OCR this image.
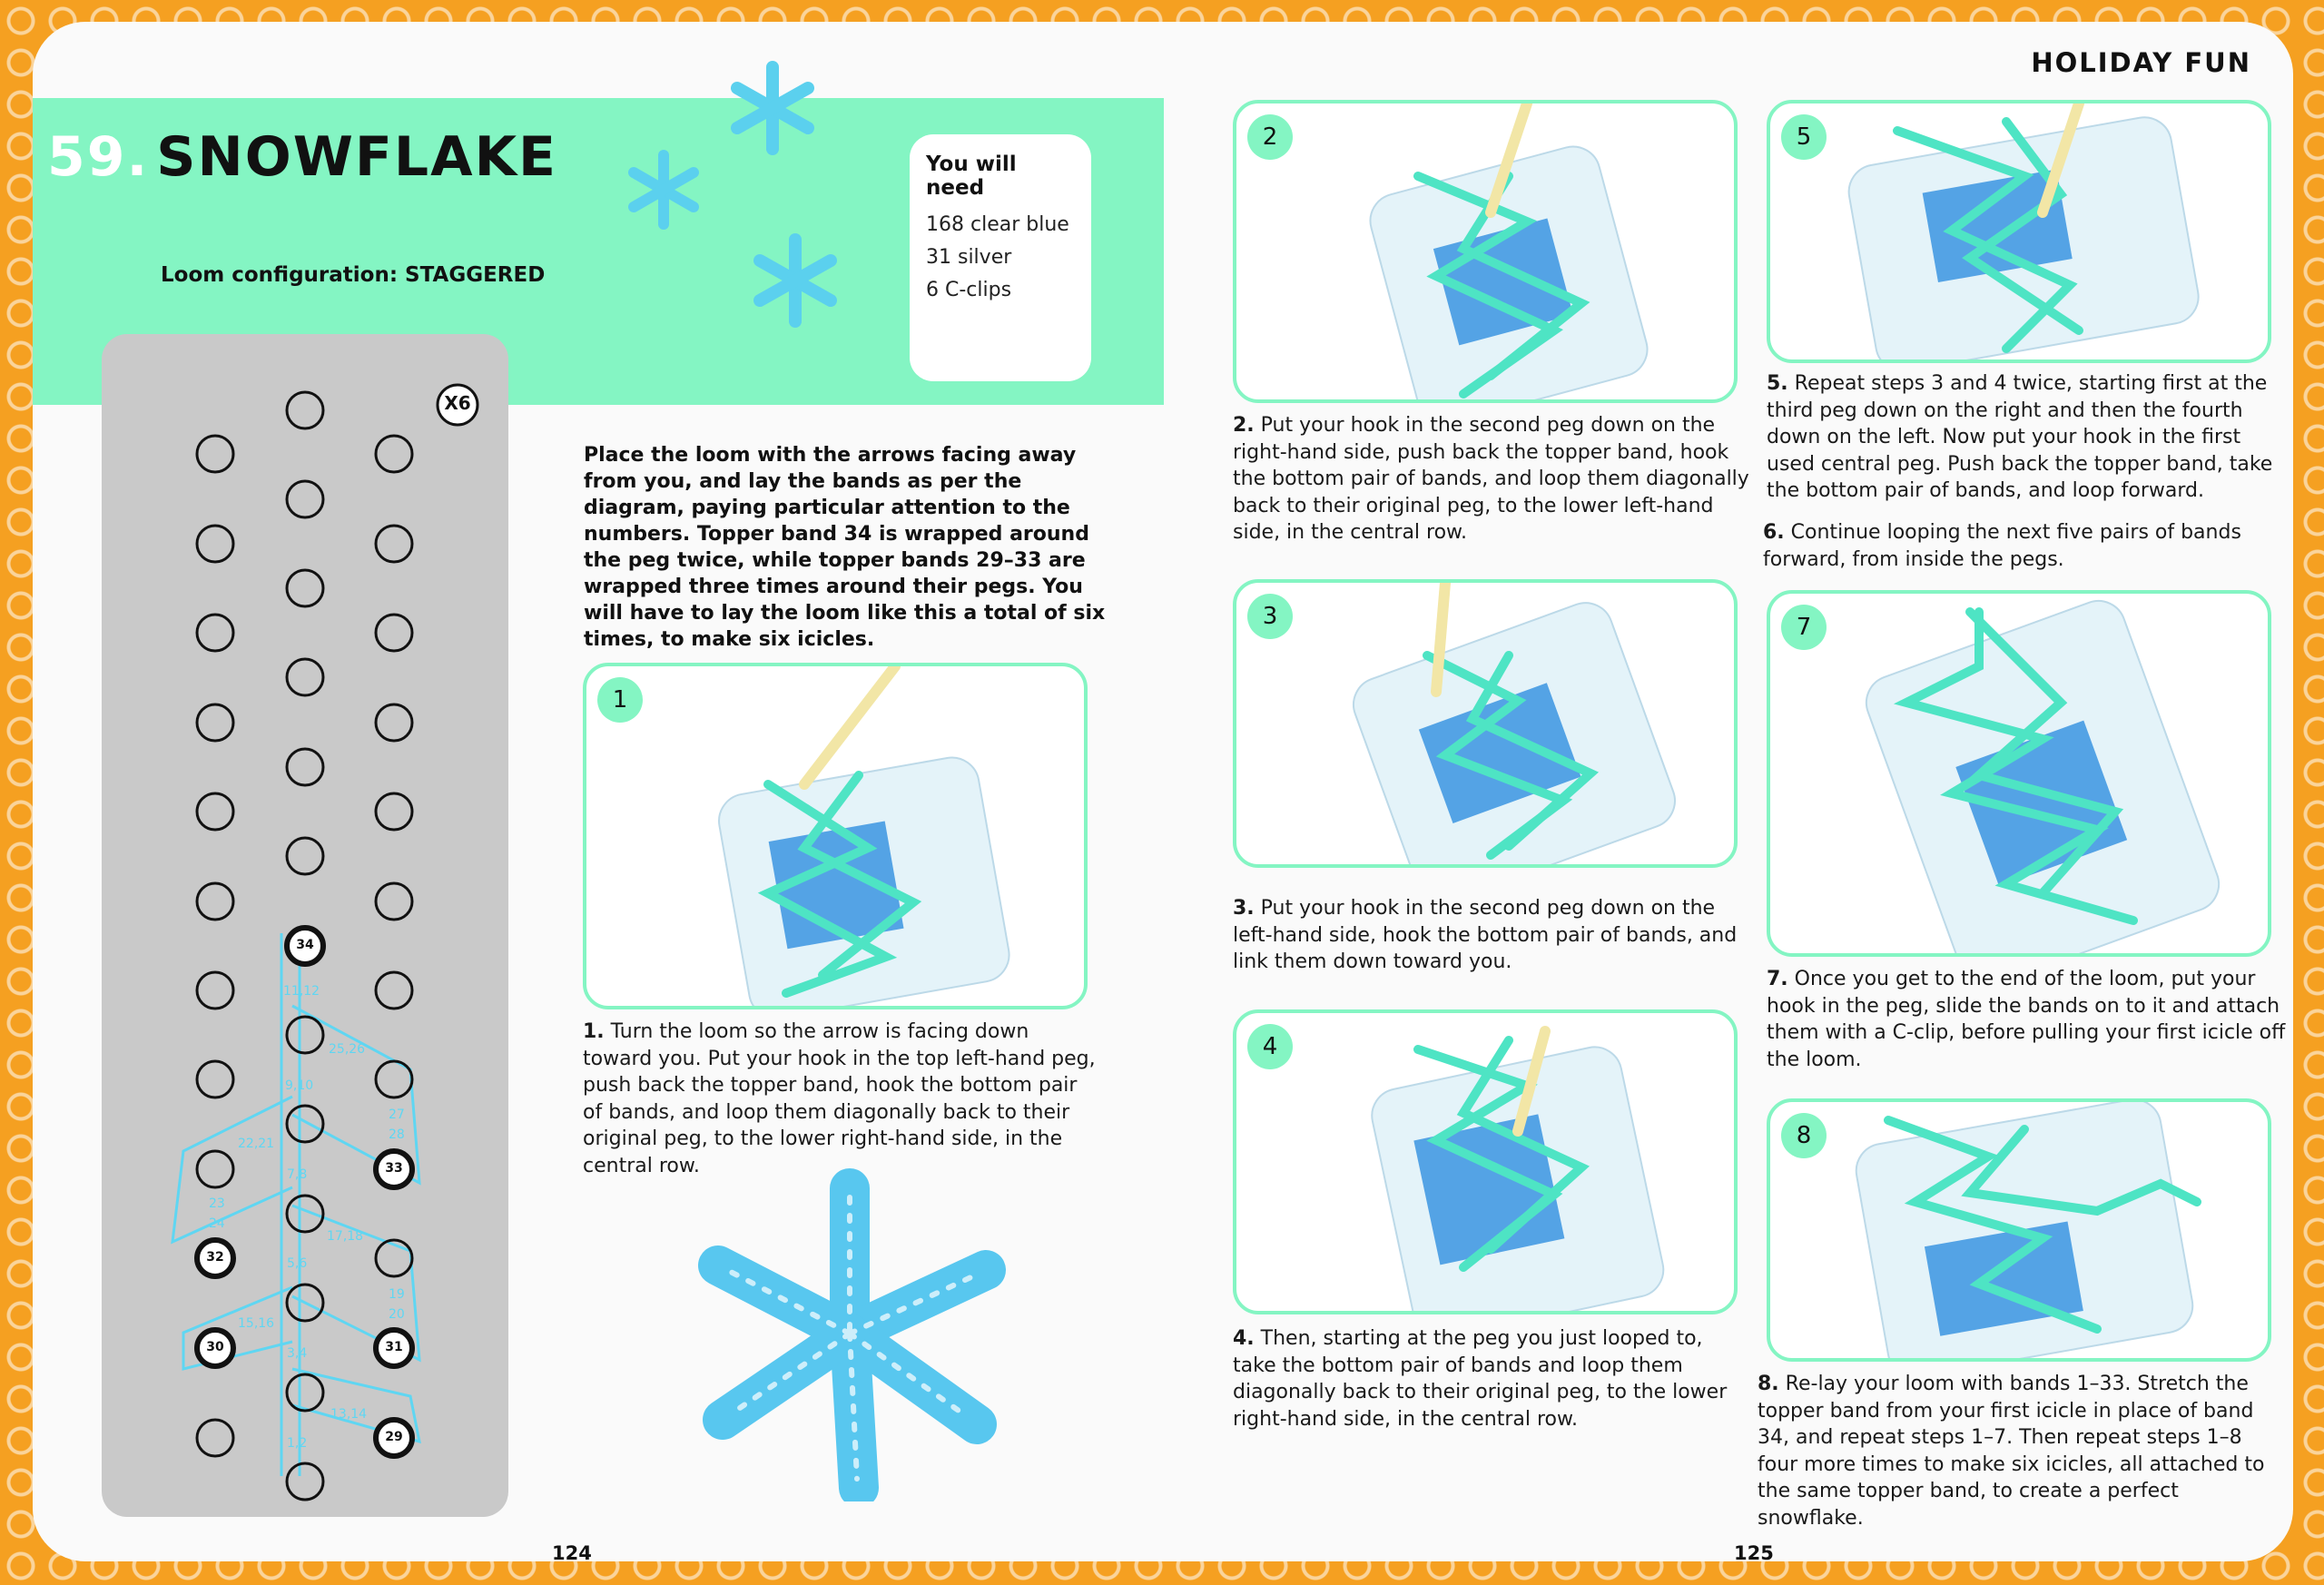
HOLIDAY FUN
59. SNOWFLAKE
Loom configuration: STAGGERED
You will need
168 clear blue
31 silver
6 C-clips
X6
34
33
32
31
30
29
11,12
25,26
9,10
27
28
22,21
7,8
23
24
17,18
5,6
19
20
15,16
3,4
13,14
1,2
Place the loom with the arrows facing away from you, and lay the bands as per the diagram, paying particular attention to the numbers. Topper band 34 is wrapped around the peg twice, while topper bands 29–33 are wrapped three times around their pegs. You will have to lay the loom like this a total of six times, to make six icicles.
1
1. Turn the loom so the arrow is facing down toward you. Put your hook in the top left-hand peg, push back the topper band, hook the bottom pair of bands, and loop them diagonally back to their original peg, to the lower right-hand side, in the central row.
124	125
2
2. Put your hook in the second peg down on the right-hand side, push back the topper band, hook the bottom pair of bands, and loop them diagonally back to their original peg, to the lower left-hand side, in the central row.
3
3. Put your hook in the second peg down on the left-hand side, hook the bottom pair of bands, and link them down toward you.
4
4. Then, starting at the peg you just looped to, take the bottom pair of bands and loop them diagonally back to their original peg, to the lower right-hand side, in the central row.
5
5. Repeat steps 3 and 4 twice, starting first at the third peg down on the right and then the fourth down on the left. Now put your hook in the first used central peg. Push back the topper band, take the bottom pair of bands, and loop forward.
6. Continue looping the next five pairs of bands forward, from inside the pegs.
7
7. Once you get to the end of the loom, put your hook in the peg, slide the bands on to it and attach them with a C-clip, before pulling your first icicle off the loom.
8
8. Re-lay your loom with bands 1–33. Stretch the topper band from your first icicle in place of band 34, and repeat steps 1–7. Then repeat steps 1–8 four more times to make six icicles, all attached to the same topper band, to create a perfect snowflake.
